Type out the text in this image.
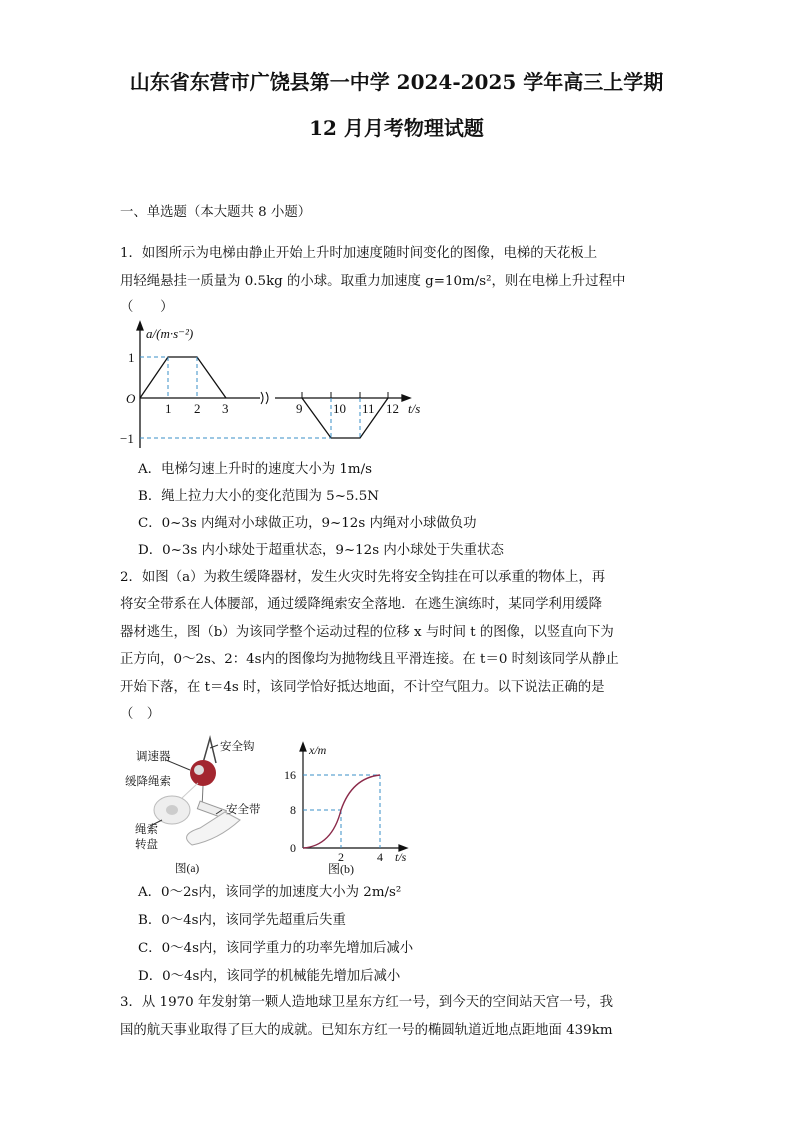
山东省东营市广饶县第一中学 2024-2025 学年高三上学期
12 月月考物理试题
一、单选题（本大题共 8 小题）
1．如图所示为电梯由静止开始上升时加速度随时间变化的图像，电梯的天花板上
用轻绳悬挂一质量为 0.5kg 的小球。取重力加速度 g=10m/s²，则在电梯上升过程中
（　　）
a/(m·s⁻²)
O
1
−1
1 2 3	9 10 11 12 t/s
A．电梯匀速上升时的速度大小为 1m/s
B．绳上拉力大小的变化范围为 5~5.5N
C．0~3s 内绳对小球做正功，9~12s 内绳对小球做负功
D．0~3s 内小球处于超重状态，9~12s 内小球处于失重状态
2．如图（a）为救生缓降器材，发生火灾时先将安全钩挂在可以承重的物体上，再
将安全带系在人体腰部，通过缓降绳索安全落地．在逃生演练时，某同学利用缓降
器材逃生，图（b）为该同学整个运动过程的位移 x 与时间 t 的图像，以竖直向下为
正方向，0～2s、2：4s内的图像均为抛物线且平滑连接。在 t＝0 时刻该同学从静止
开始下落，在 t＝4s 时，该同学恰好抵达地面，不计空气阻力。以下说法正确的是
（　）
调速器
安全钩
缓降绳索
安全带
绳索
转盘
图(a)
x/m
16
8
0
2	4 t/s
图(b)
A．0～2s内，该同学的加速度大小为 2m/s²
B．0～4s内，该同学先超重后失重
C．0～4s内，该同学重力的功率先增加后减小
D．0～4s内，该同学的机械能先增加后减小
3．从 1970 年发射第一颗人造地球卫星东方红一号，到今天的空间站天宫一号，我
国的航天事业取得了巨大的成就。已知东方红一号的椭圆轨道近地点距地面 439km
